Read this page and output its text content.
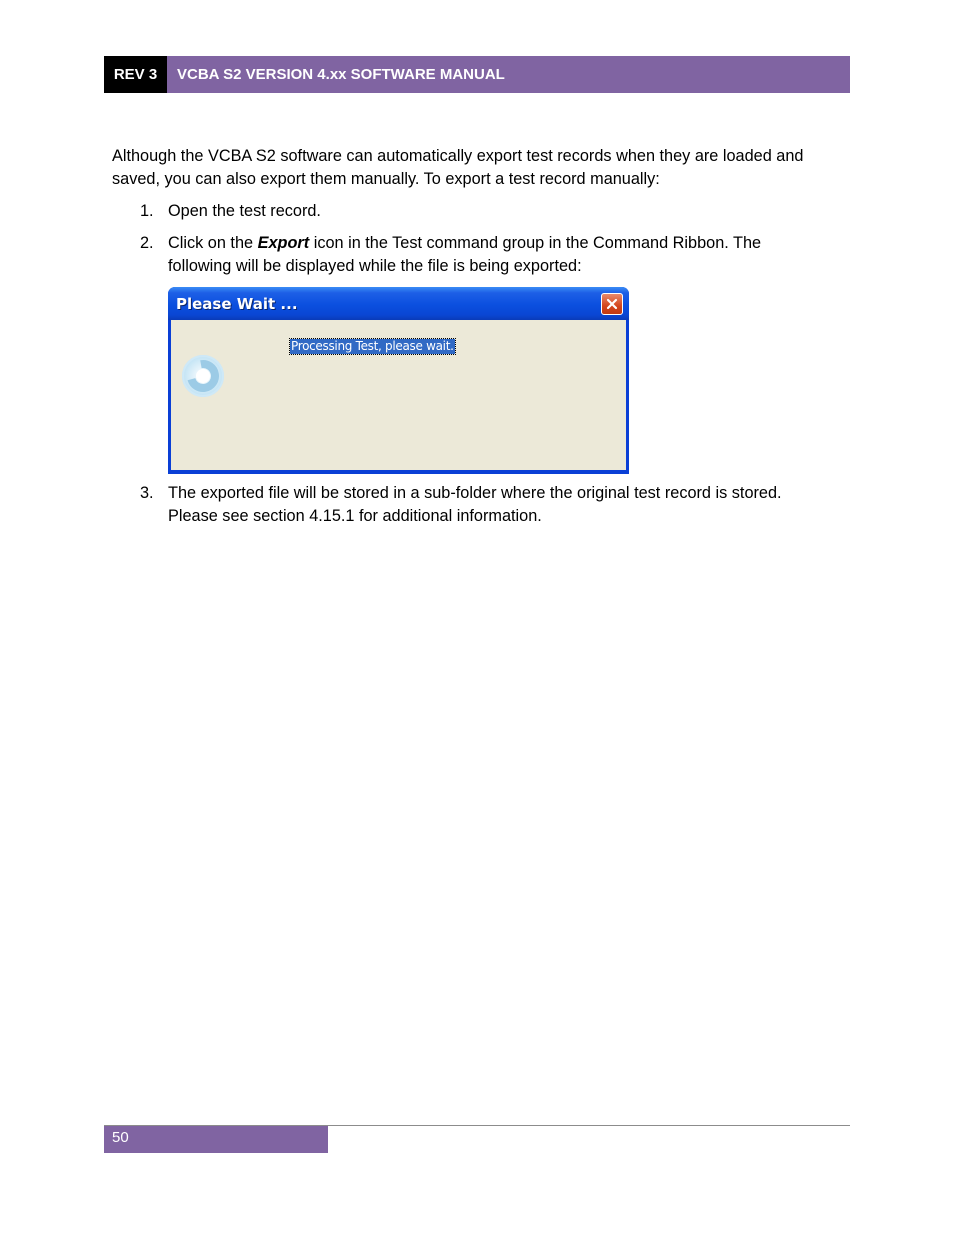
REV 3	VCBA S2 VERSION 4.xx SOFTWARE MANUAL
Although the VCBA S2 software can automatically export test records when they are loaded and
saved, you can also export them manually. To export a test record manually:
1. Open the test record.
2. Click on the Export icon in the Test command group in the Command Ribbon. The
following will be displayed while the file is being exported:
Please Wait ...
Processing Test, please wait.
3. The exported file will be stored in a sub-folder where the original test record is stored.
Please see section 4.15.1 for additional information.
50
